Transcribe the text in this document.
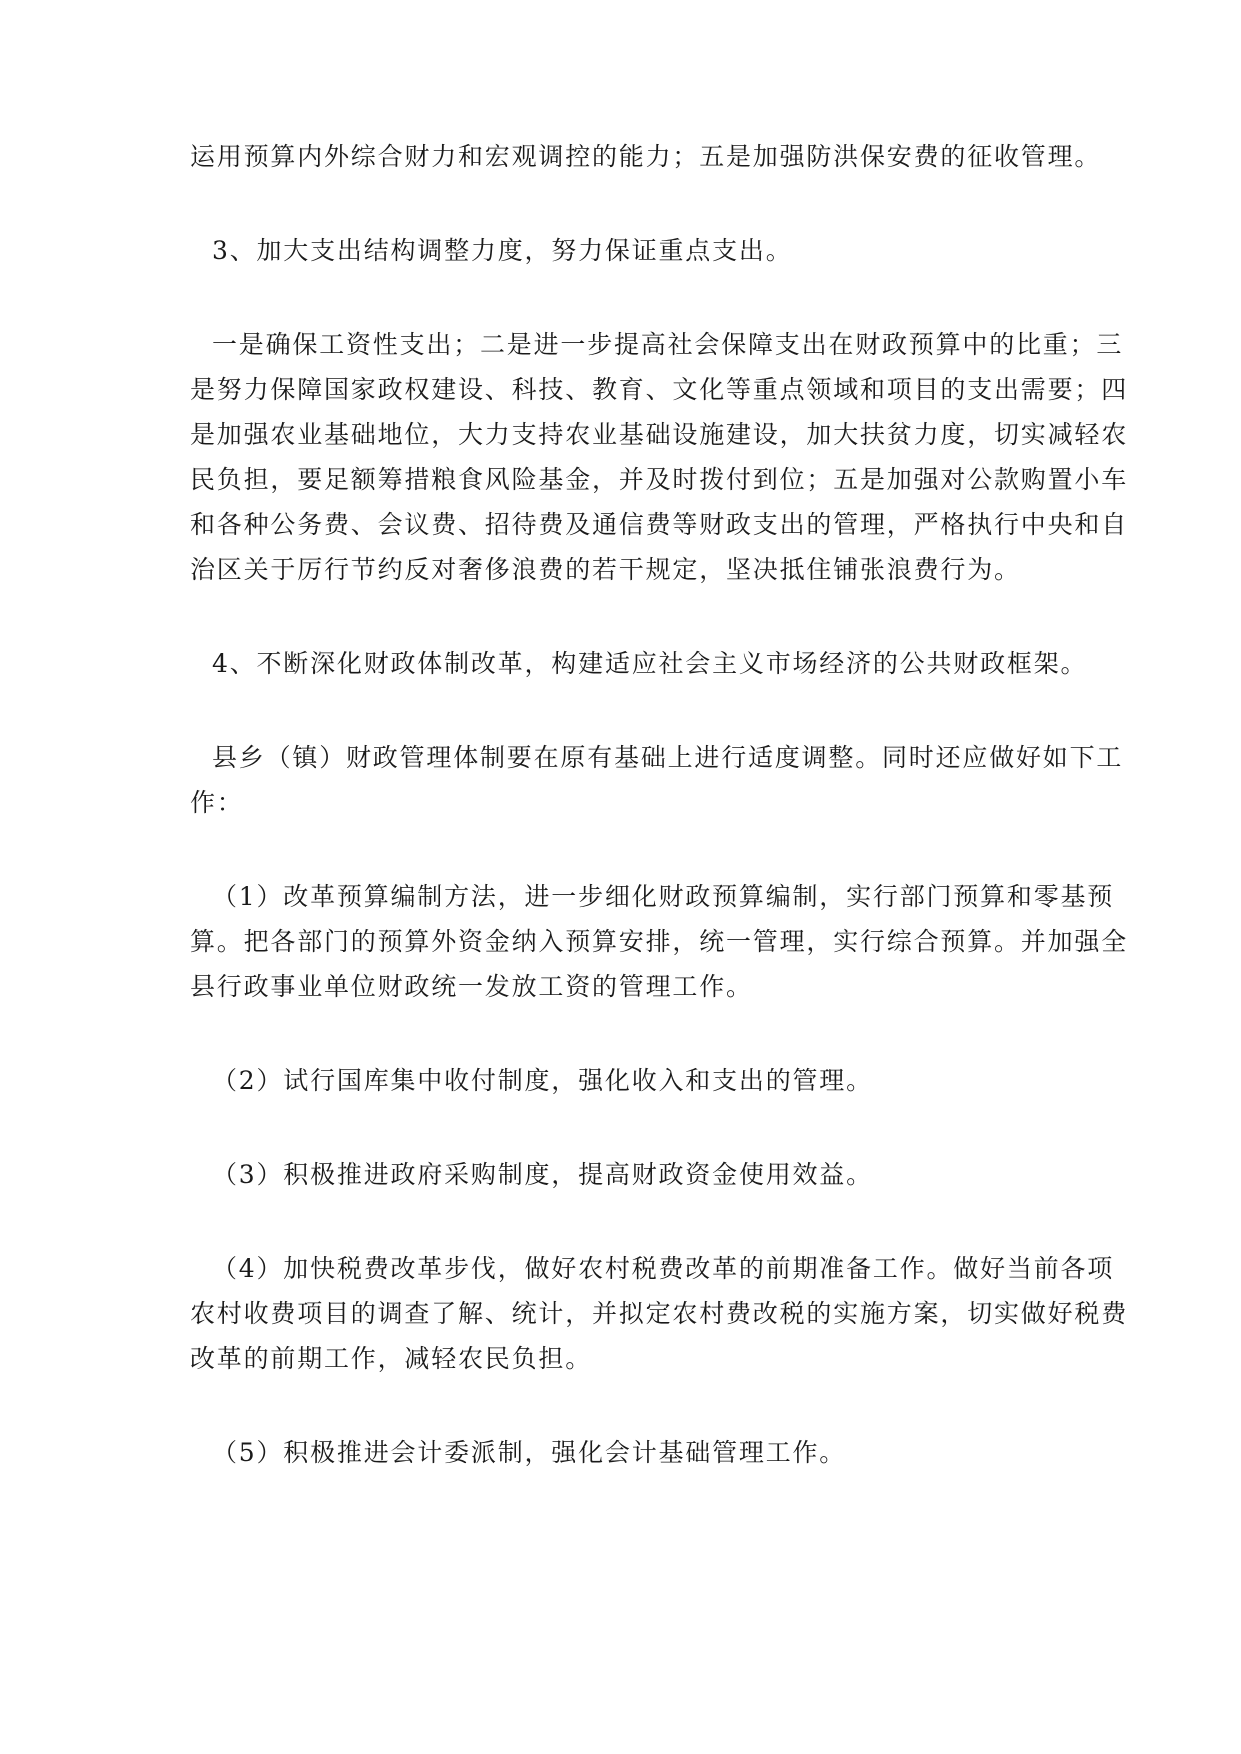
运用预算内外综合财力和宏观调控的能力；五是加强防洪保安费的征收管理。

3、加大支出结构调整力度，努力保证重点支出。

一是确保工资性支出；二是进一步提高社会保障支出在财政预算中的比重；三

是努力保障国家政权建设、科技、教育、文化等重点领域和项目的支出需要；四

是加强农业基础地位，大力支持农业基础设施建设，加大扶贫力度，切实减轻农

民负担，要足额筹措粮食风险基金，并及时拨付到位；五是加强对公款购置小车

和各种公务费、会议费、招待费及通信费等财政支出的管理，严格执行中央和自

治区关于厉行节约反对奢侈浪费的若干规定，坚决抵住铺张浪费行为。

4、不断深化财政体制改革，构建适应社会主义市场经济的公共财政框架。

县乡（镇）财政管理体制要在原有基础上进行适度调整。同时还应做好如下工

作：

（1）改革预算编制方法，进一步细化财政预算编制，实行部门预算和零基预

算。把各部门的预算外资金纳入预算安排，统一管理，实行综合预算。并加强全

县行政事业单位财政统一发放工资的管理工作。

（2）试行国库集中收付制度，强化收入和支出的管理。

（3）积极推进政府采购制度，提高财政资金使用效益。

（4）加快税费改革步伐，做好农村税费改革的前期准备工作。做好当前各项

农村收费项目的调查了解、统计，并拟定农村费改税的实施方案，切实做好税费

改革的前期工作，减轻农民负担。

（5）积极推进会计委派制，强化会计基础管理工作。
